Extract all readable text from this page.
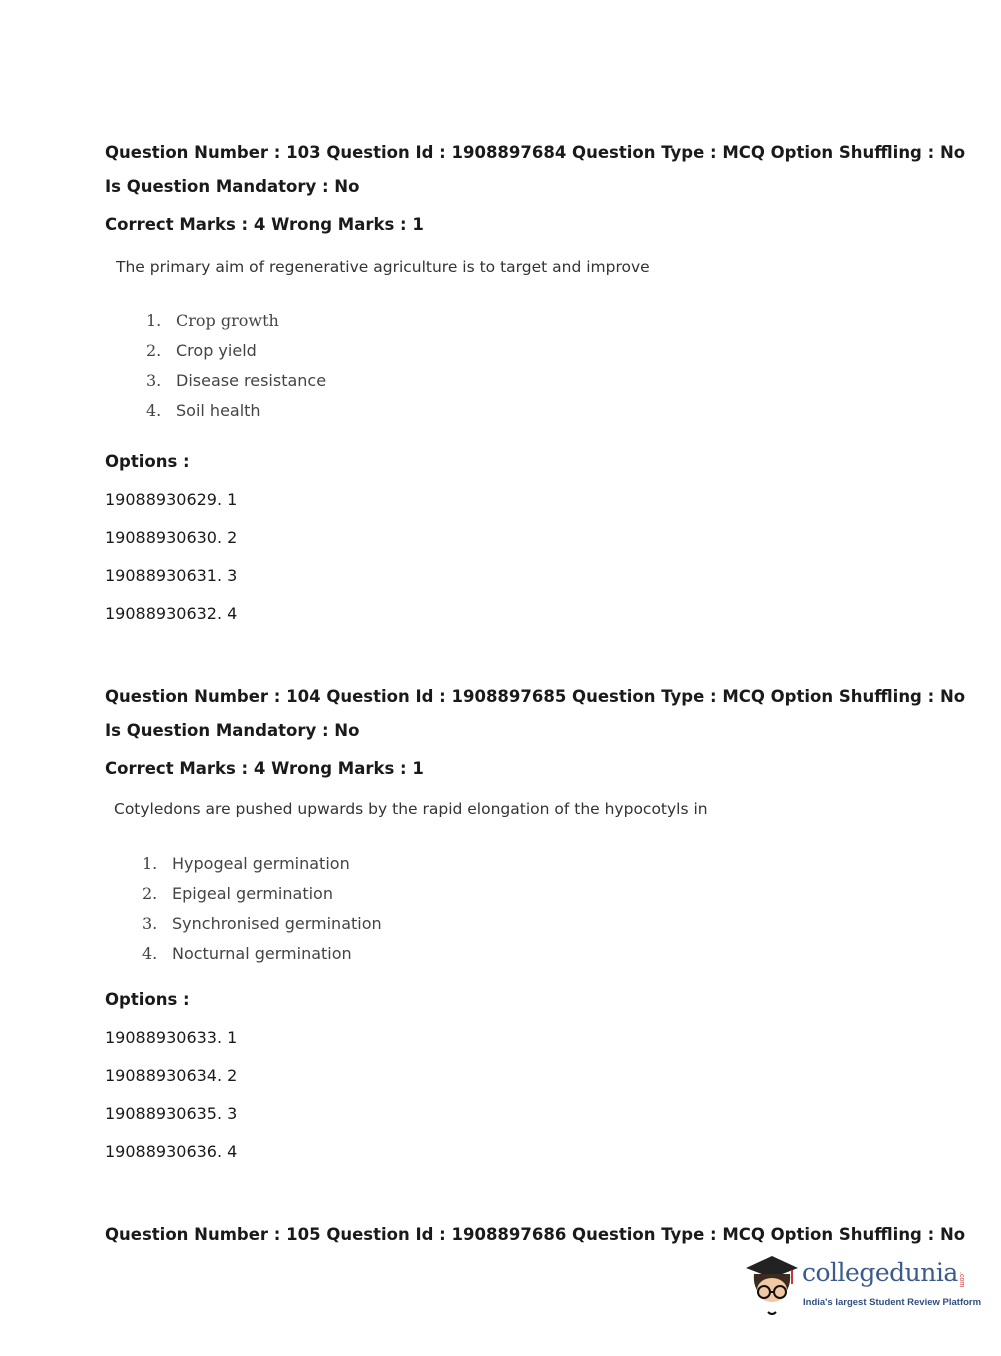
Question Number : 103 Question Id : 1908897684 Question Type : MCQ Option Shuffling : No
Is Question Mandatory : No
Correct Marks : 4 Wrong Marks : 1
The primary aim of regenerative agriculture is to target and improve
1. Crop growth
2. Crop yield
3. Disease resistance
4. Soil health
Options :
19088930629. 1
19088930630. 2
19088930631. 3
19088930632. 4
Question Number : 104 Question Id : 1908897685 Question Type : MCQ Option Shuffling : No
Is Question Mandatory : No
Correct Marks : 4 Wrong Marks : 1
Cotyledons are pushed upwards by the rapid elongation of the hypocotyls in
1. Hypogeal germination
2. Epigeal germination
3. Synchronised germination
4. Nocturnal germination
Options :
19088930633. 1
19088930634. 2
19088930635. 3
19088930636. 4
Question Number : 105 Question Id : 1908897686 Question Type : MCQ Option Shuffling : No
collegedunia .com
India's largest Student Review Platform
